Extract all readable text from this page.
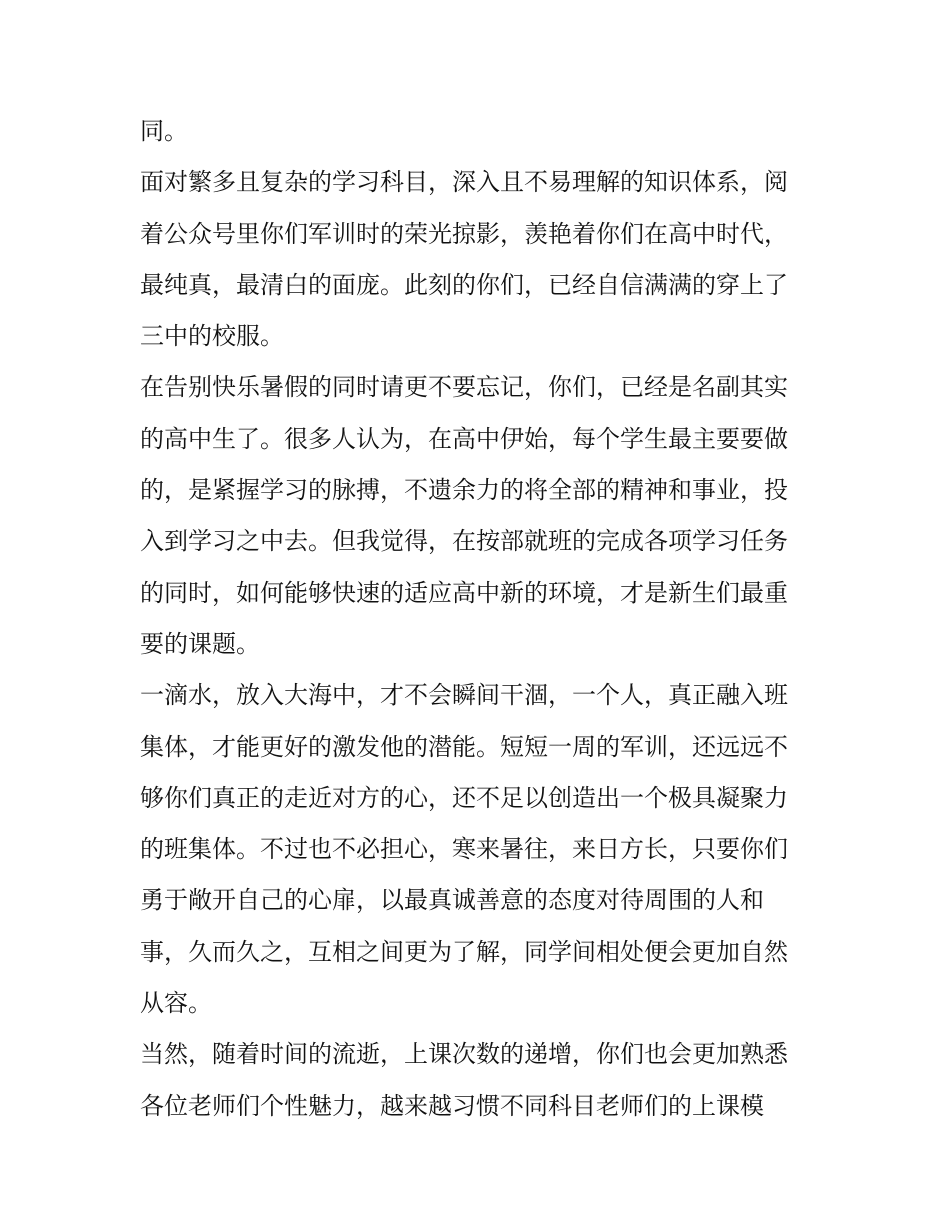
同。
面对繁多且复杂的学习科目，深入且不易理解的知识体系，阅
着公众号里你们军训时的荣光掠影，羡艳着你们在高中时代，
最纯真，最清白的面庞。此刻的你们，已经自信满满的穿上了
三中的校服。
在告别快乐暑假的同时请更不要忘记，你们，已经是名副其实
的高中生了。很多人认为，在高中伊始，每个学生最主要要做
的，是紧握学习的脉搏，不遗余力的将全部的精神和事业，投
入到学习之中去。但我觉得，在按部就班的完成各项学习任务
的同时，如何能够快速的适应高中新的环境，才是新生们最重
要的课题。
一滴水，放入大海中，才不会瞬间干涸，一个人，真正融入班
集体，才能更好的激发他的潜能。短短一周的军训，还远远不
够你们真正的走近对方的心，还不足以创造出一个极具凝聚力
的班集体。不过也不必担心，寒来暑往，来日方长，只要你们
勇于敞开自己的心扉，以最真诚善意的态度对待周围的人和
事，久而久之，互相之间更为了解，同学间相处便会更加自然
从容。
当然，随着时间的流逝，上课次数的递增，你们也会更加熟悉
各位老师们个性魅力，越来越习惯不同科目老师们的上课模
